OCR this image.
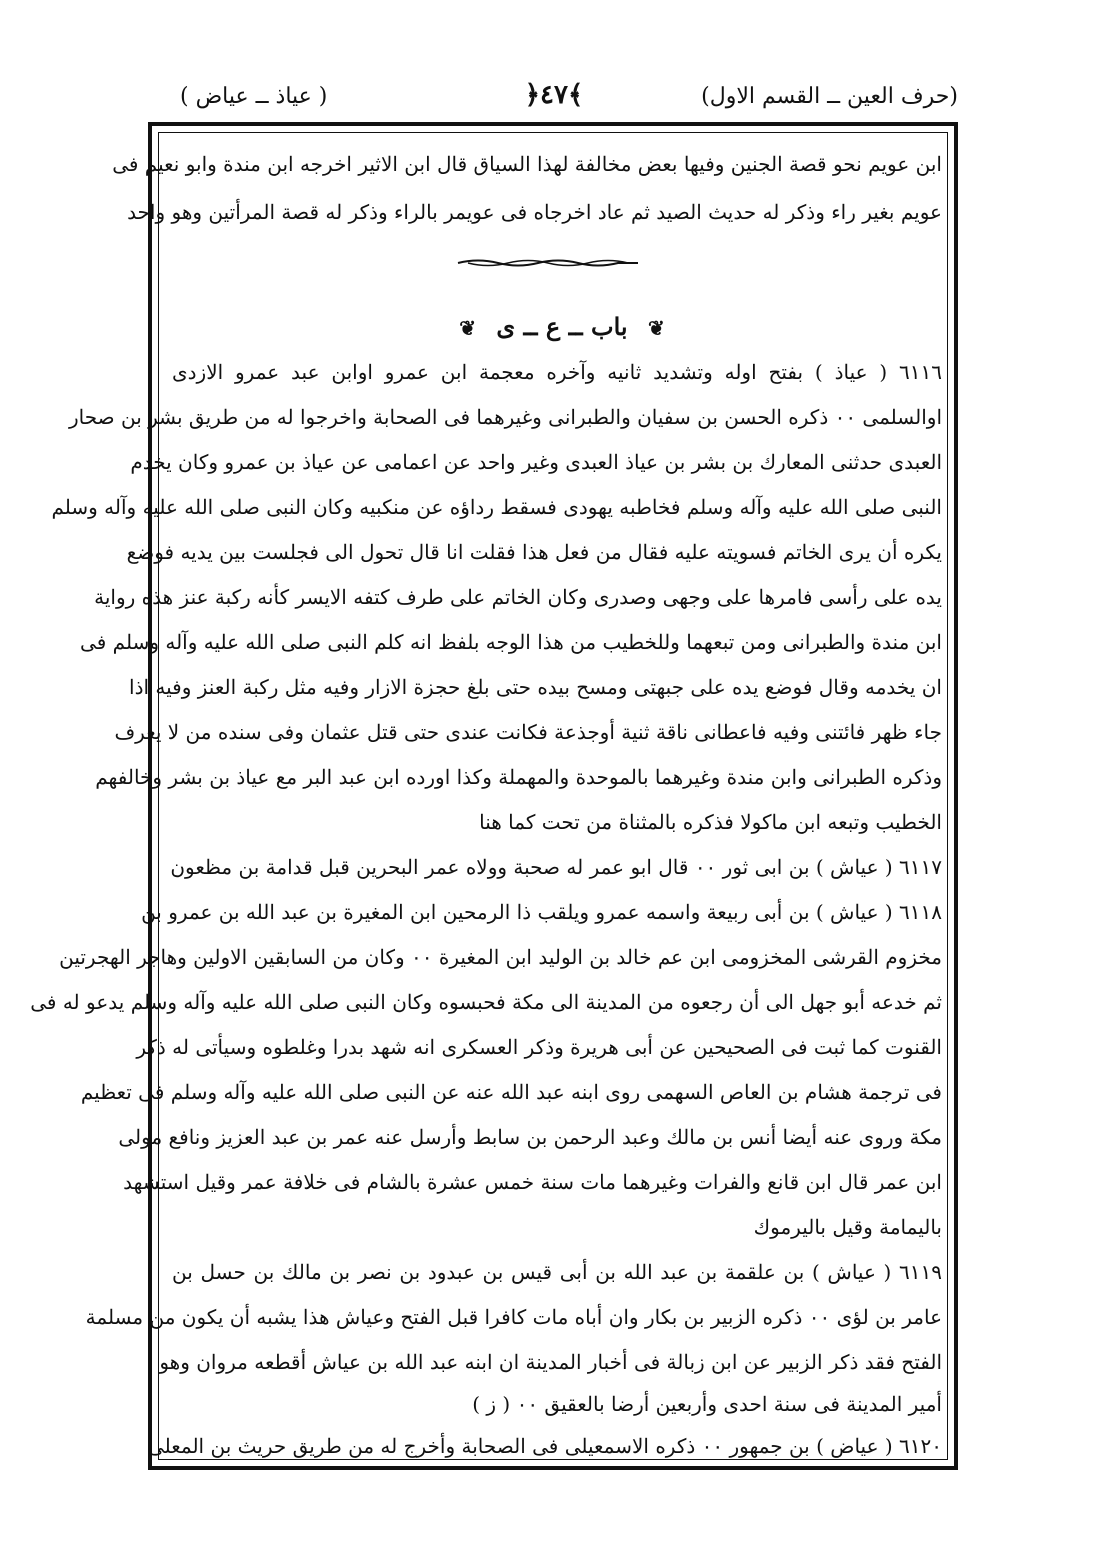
(حرف العين ــ القسم الاول)
﴿٤٧﴾
( عياذ ــ عياض )
ابن عويم نحو قصة الجنين وفيها بعض مخالفة لهذا السياق قال ابن الاثير اخرجه ابن مندة وابو نعيم فى
عويم بغير راء وذكر له حديث الصيد ثم عاد اخرجاه فى عويمر بالراء وذكر له قصة المرأتين وهو واحد
❦ باب ــ ع ــ ى ❦
٦١١٦ ( عياذ ) بفتح اوله وتشديد ثانيه وآخره معجمة ابن عمرو اوابن عبد عمرو الازدى
اوالسلمى ٠٠ ذكره الحسن بن سفيان والطبرانى وغيرهما فى الصحابة واخرجوا له من طريق بشر بن صحار
العبدى حدثنى المعارك بن بشر بن عياذ العبدى وغير واحد عن اعمامى عن عياذ بن عمرو وكان يخدم
النبى صلى الله عليه وآله وسلم فخاطبه يهودى فسقط رداؤه عن منكبيه وكان النبى صلى الله عليه وآله وسلم
يكره أن يرى الخاتم فسويته عليه فقال من فعل هذا فقلت انا قال تحول الى فجلست بين يديه فوضع
يده على رأسى فامرها على وجهى وصدرى وكان الخاتم على طرف كتفه الايسر كأنه ركبة عنز هذه رواية
ابن مندة والطبرانى ومن تبعهما وللخطيب من هذا الوجه بلفظ انه كلم النبى صلى الله عليه وآله وسلم فى
ان يخدمه وقال فوضع يده على جبهتى ومسح بيده حتى بلغ حجزة الازار وفيه مثل ركبة العنز وفيه اذا
جاء ظهر فائتنى وفيه فاعطانى ناقة ثنية أوجذعة فكانت عندى حتى قتل عثمان وفى سنده من لا يعرف
وذكره الطبرانى وابن مندة وغيرهما بالموحدة والمهملة وكذا اورده ابن عبد البر مع عياذ بن بشر وخالفهم
الخطيب وتبعه ابن ماكولا فذكره بالمثناة من تحت كما هنا
٦١١٧ ( عياش ) بن ابى ثور ٠٠ قال ابو عمر له صحبة وولاه عمر البحرين قبل قدامة بن مظعون
٦١١٨ ( عياش ) بن أبى ربيعة واسمه عمرو ويلقب ذا الرمحين ابن المغيرة بن عبد الله بن عمرو بن
مخزوم القرشى المخزومى ابن عم خالد بن الوليد ابن المغيرة ٠٠ وكان من السابقين الاولين وهاجر الهجرتين
ثم خدعه أبو جهل الى أن رجعوه من المدينة الى مكة فحبسوه وكان النبى صلى الله عليه وآله وسلم يدعو له فى
القنوت كما ثبت فى الصحيحين عن أبى هريرة وذكر العسكرى انه شهد بدرا وغلطوه وسيأتى له ذكر
فى ترجمة هشام بن العاص السهمى روى ابنه عبد الله عنه عن النبى صلى الله عليه وآله وسلم فى تعظيم
مكة وروى عنه أيضا أنس بن مالك وعبد الرحمن بن سابط وأرسل عنه عمر بن عبد العزيز ونافع مولى
ابن عمر قال ابن قانع والفرات وغيرهما مات سنة خمس عشرة بالشام فى خلافة عمر وقيل استشهد
باليمامة وقيل باليرموك
٦١١٩ ( عياش ) بن علقمة بن عبد الله بن أبى قيس بن عبدود بن نصر بن مالك بن حسل بن
عامر بن لؤى ٠٠ ذكره الزبير بن بكار وان أباه مات كافرا قبل الفتح وعياش هذا يشبه أن يكون من مسلمة
الفتح فقد ذكر الزبير عن ابن زبالة فى أخبار المدينة ان ابنه عبد الله بن عياش أقطعه مروان وهو
أمير المدينة فى سنة احدى وأربعين أرضا بالعقيق ٠٠ ( ز )
٦١٢٠ ( عياض ) بن جمهور ٠٠ ذكره الاسمعيلى فى الصحابة وأخرج له من طريق حريث بن المعلى
